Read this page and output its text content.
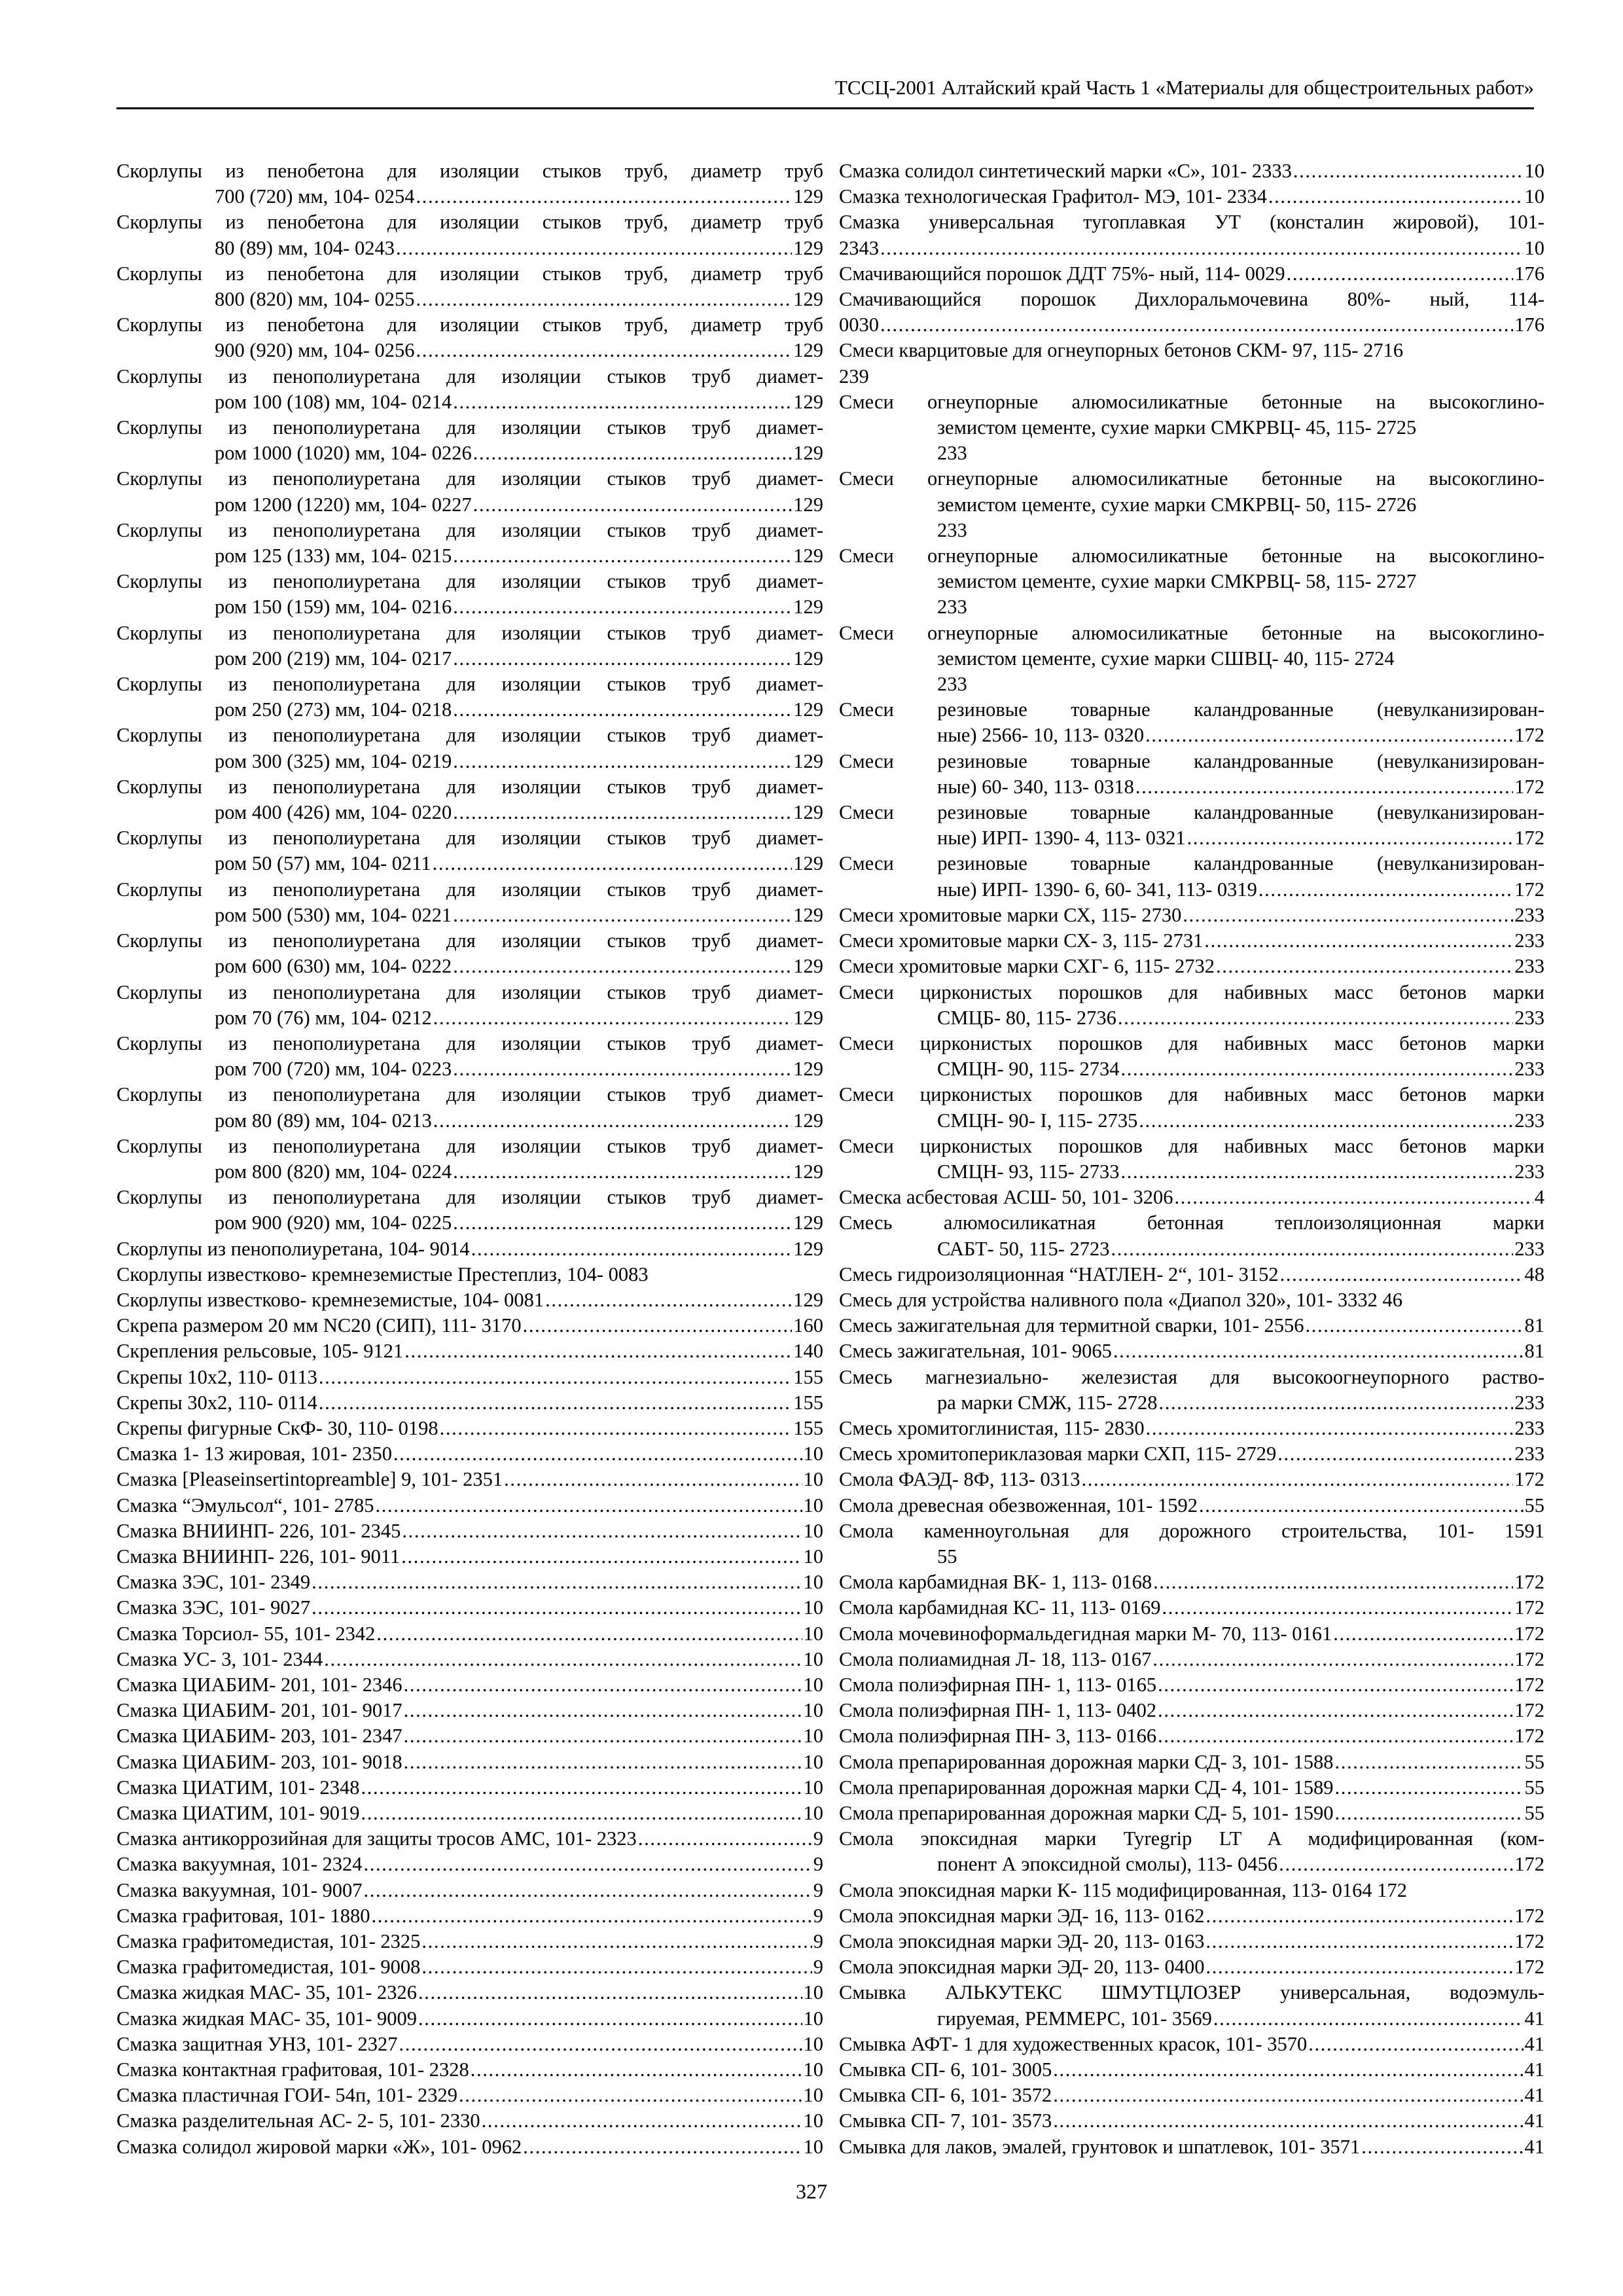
ТССЦ-2001 Алтайский край Часть 1 «Материалы для общестроительных работ»
Скорлупы из пенобетона для изоляции стыков труб, диаметр труб
700 (720) мм, 104- 0254 . . .	129
Скорлупы из пенобетона для изоляции стыков труб, диаметр труб
80 (89) мм, 104- 0243 . . .	129
Скорлупы из пенобетона для изоляции стыков труб, диаметр труб
800 (820) мм, 104- 0255 . . .	129
Скорлупы из пенобетона для изоляции стыков труб, диаметр труб
900 (920) мм, 104- 0256 . . .	129
Скорлупы из пенополиуретана для изоляции стыков труб диамет-
ром 100 (108) мм, 104- 0214 . . .	129
Скорлупы из пенополиуретана для изоляции стыков труб диамет-
ром 1000 (1020) мм, 104- 0226 . . .	129
Скорлупы из пенополиуретана для изоляции стыков труб диамет-
ром 1200 (1220) мм, 104- 0227 . . .	129
Скорлупы из пенополиуретана для изоляции стыков труб диамет-
ром 125 (133) мм, 104- 0215 . . .	129
Скорлупы из пенополиуретана для изоляции стыков труб диамет-
ром 150 (159) мм, 104- 0216 . . .	129
Скорлупы из пенополиуретана для изоляции стыков труб диамет-
ром 200 (219) мм, 104- 0217 . . .	129
Скорлупы из пенополиуретана для изоляции стыков труб диамет-
ром 250 (273) мм, 104- 0218 . . .	129
Скорлупы из пенополиуретана для изоляции стыков труб диамет-
ром 300 (325) мм, 104- 0219 . . .	129
Скорлупы из пенополиуретана для изоляции стыков труб диамет-
ром 400 (426) мм, 104- 0220 . . .	129
Скорлупы из пенополиуретана для изоляции стыков труб диамет-
ром 50 (57) мм, 104- 0211 . . .	129
Скорлупы из пенополиуретана для изоляции стыков труб диамет-
ром 500 (530) мм, 104- 0221 . . .	129
Скорлупы из пенополиуретана для изоляции стыков труб диамет-
ром 600 (630) мм, 104- 0222 . . .	129
Скорлупы из пенополиуретана для изоляции стыков труб диамет-
ром 70 (76) мм, 104- 0212 . . .	129
Скорлупы из пенополиуретана для изоляции стыков труб диамет-
ром 700 (720) мм, 104- 0223 . . .	129
Скорлупы из пенополиуретана для изоляции стыков труб диамет-
ром 80 (89) мм, 104- 0213 . . .	129
Скорлупы из пенополиуретана для изоляции стыков труб диамет-
ром 800 (820) мм, 104- 0224 . . .	129
Скорлупы из пенополиуретана для изоляции стыков труб диамет-
ром 900 (920) мм, 104- 0225 . . .	129
Скорлупы из пенополиуретана, 104- 9014 . . .	129
Скорлупы известково- кремнеземистые Престеплиз, 104- 0083
Скорлупы известково- кремнеземистые, 104- 0081 . . .	129
Скрепа размером 20 мм NC20 (СИП), 111- 3170 . . .	160
Скрепления рельсовые, 105- 9121 . . .	140
Скрепы 10х2, 110- 0113 . . .	155
Скрепы 30х2, 110- 0114 . . .	155
Скрепы фигурные СкФ- 30, 110- 0198 . . .	155
Смазка 1- 13 жировая, 101- 2350 . . .	10
Смазка [Pleaseinsertintopreamble] 9, 101- 2351 . . .	10
Смазка “Эмульсол“, 101- 2785 . . .	10
Смазка ВНИИНП- 226, 101- 2345 . . .	10
Смазка ВНИИНП- 226, 101- 9011 . . .	10
Смазка ЗЭС, 101- 2349 . . .	10
Смазка ЗЭС, 101- 9027 . . .	10
Смазка Торсиол- 55, 101- 2342 . . .	10
Смазка УС- 3, 101- 2344 . . .	10
Смазка ЦИАБИМ- 201, 101- 2346 . . .	10
Смазка ЦИАБИМ- 201, 101- 9017 . . .	10
Смазка ЦИАБИМ- 203, 101- 2347 . . .	10
Смазка ЦИАБИМ- 203, 101- 9018 . . .	10
Смазка ЦИАТИМ, 101- 2348 . . .	10
Смазка ЦИАТИМ, 101- 9019 . . .	10
Смазка антикоррозийная для защиты тросов АМС, 101- 2323 . . .	9
Смазка вакуумная, 101- 2324 . . .	9
Смазка вакуумная, 101- 9007 . . .	9
Смазка графитовая, 101- 1880 . . .	9
Смазка графитомедистая, 101- 2325 . . .	9
Смазка графитомедистая, 101- 9008 . . .	9
Смазка жидкая МАС- 35, 101- 2326 . . .	10
Смазка жидкая МАС- 35, 101- 9009 . . .	10
Смазка защитная УНЗ, 101- 2327 . . .	10
Смазка контактная графитовая, 101- 2328 . . .	10
Смазка пластичная ГОИ- 54п, 101- 2329 . . .	10
Смазка разделительная АС- 2- 5, 101- 2330 . . .	10
Смазка солидол жировой марки «Ж», 101- 0962 . . .	10
Смазка солидол синтетический марки «С», 101- 2333 . . .	10
Смазка технологическая Графитол- МЭ, 101- 2334 . . .	10
Смазка универсальная тугоплавкая УТ (консталин жировой), 101-
2343 . . .	10
Смачивающийся порошок ДДТ 75%- ный, 114- 0029 . . .	176
Смачивающийся порошок Дихлоральмочевина 80%- ный, 114-
0030 . . .	176
Смеси кварцитовые для огнеупорных бетонов СКМ- 97, 115- 2716
239
Смеси огнеупорные алюмосиликатные бетонные на высокоглино-
земистом цементе, сухие марки СМКРВЦ- 45, 115- 2725
233
Смеси огнеупорные алюмосиликатные бетонные на высокоглино-
земистом цементе, сухие марки СМКРВЦ- 50, 115- 2726
233
Смеси огнеупорные алюмосиликатные бетонные на высокоглино-
земистом цементе, сухие марки СМКРВЦ- 58, 115- 2727
233
Смеси огнеупорные алюмосиликатные бетонные на высокоглино-
земистом цементе, сухие марки СШВЦ- 40, 115- 2724
233
Смеси резиновые товарные каландрованные (невулканизирован-
ные) 2566- 10, 113- 0320 . . .	172
Смеси резиновые товарные каландрованные (невулканизирован-
ные) 60- 340, 113- 0318 . . .	172
Смеси резиновые товарные каландрованные (невулканизирован-
ные) ИРП- 1390- 4, 113- 0321 . . .	172
Смеси резиновые товарные каландрованные (невулканизирован-
ные) ИРП- 1390- 6, 60- 341, 113- 0319 . . .	172
Смеси хромитовые марки СХ, 115- 2730 . . .	233
Смеси хромитовые марки СХ- 3, 115- 2731 . . .	233
Смеси хромитовые марки СХГ- 6, 115- 2732 . . .	233
Смеси цирконистых порошков для набивных масс бетонов марки
СМЦБ- 80, 115- 2736 . . .	233
Смеси цирконистых порошков для набивных масс бетонов марки
СМЦН- 90, 115- 2734 . . .	233
Смеси цирконистых порошков для набивных масс бетонов марки
СМЦН- 90- I, 115- 2735 . . .	233
Смеси цирконистых порошков для набивных масс бетонов марки
СМЦН- 93, 115- 2733 . . .	233
Смеска асбестовая АСШ- 50, 101- 3206 . . .	4
Смесь алюмосиликатная бетонная теплоизоляционная марки
САБТ- 50, 115- 2723 . . .	233
Смесь гидроизоляционная “НАТЛЕН- 2“, 101- 3152 . . .	48
Смесь для устройства наливного пола «Диапол 320», 101- 3332 46
Смесь зажигательная для термитной сварки, 101- 2556 . . .	81
Смесь зажигательная, 101- 9065 . . .	81
Смесь магнезиально- железистая для высокоогнеупорного раство-
ра марки СМЖ, 115- 2728 . . .	233
Смесь хромитоглинистая, 115- 2830 . . .	233
Смесь хромитопериклазовая марки СХП, 115- 2729 . . .	233
Смола ФАЭД- 8Ф, 113- 0313 . . .	172
Смола древесная обезвоженная, 101- 1592 . . .	55
Смола каменноугольная для дорожного строительства, 101- 1591
55
Смола карбамидная ВК- 1, 113- 0168 . . .	172
Смола карбамидная КС- 11, 113- 0169 . . .	172
Смола мочевиноформальдегидная марки М- 70, 113- 0161 . . .	172
Смола полиамидная Л- 18, 113- 0167 . . .	172
Смола полиэфирная ПН- 1, 113- 0165 . . .	172
Смола полиэфирная ПН- 1, 113- 0402 . . .	172
Смола полиэфирная ПН- 3, 113- 0166 . . .	172
Смола препарированная дорожная марки СД- 3, 101- 1588 . . .	55
Смола препарированная дорожная марки СД- 4, 101- 1589 . . .	55
Смола препарированная дорожная марки СД- 5, 101- 1590 . . .	55
Смола эпоксидная марки Tyregrip LT A модифицированная (ком-
понент А эпоксидной смолы), 113- 0456 . . .	172
Смола эпоксидная марки К- 115 модифицированная, 113- 0164 172
Смола эпоксидная марки ЭД- 16, 113- 0162 . . .	172
Смола эпоксидная марки ЭД- 20, 113- 0163 . . .	172
Смола эпоксидная марки ЭД- 20, 113- 0400 . . .	172
Смывка АЛЬКУТЕКС ШМУТЦЛОЗЕР универсальная, водоэмуль-
гируемая, РЕММЕРС, 101- 3569 . . .	41
Смывка АФТ- 1 для художественных красок, 101- 3570 . . .	41
Смывка СП- 6, 101- 3005 . . .	41
Смывка СП- 6, 101- 3572 . . .	41
Смывка СП- 7, 101- 3573 . . .	41
Смывка для лаков, эмалей, грунтовок и шпатлевок, 101- 3571 . . .	41
327
